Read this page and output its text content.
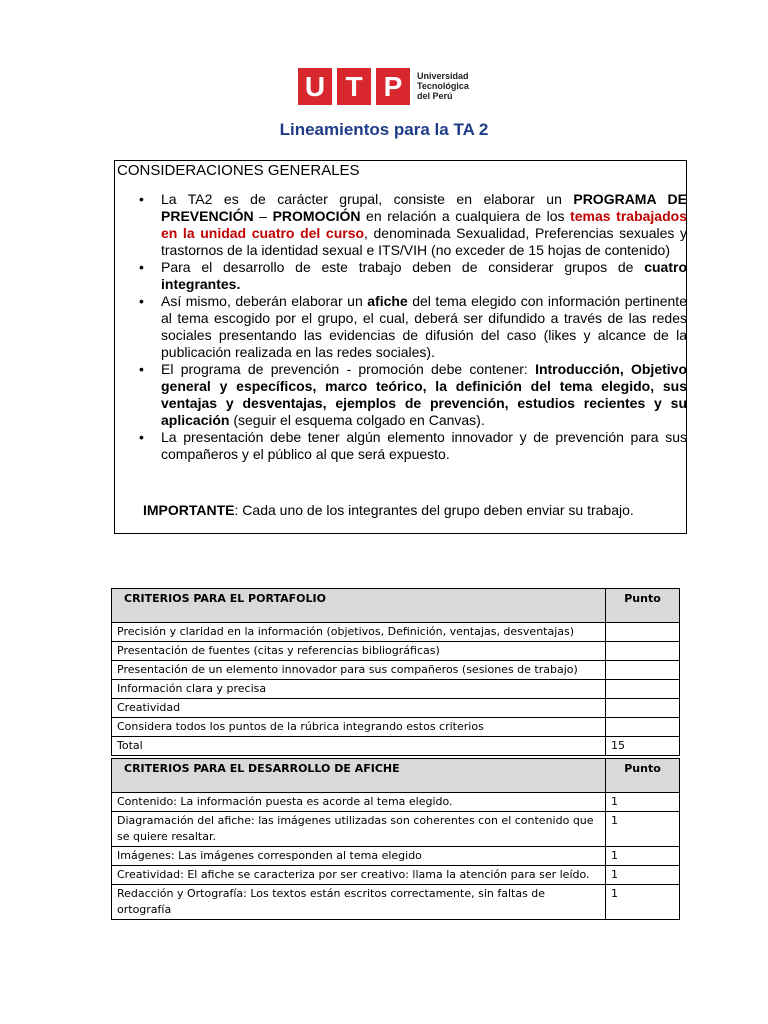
U T P	Universidad
Tecnológica
del Perú
Lineamientos para la TA 2
CONSIDERACIONES GENERALES
• La TA2 es de carácter grupal, consiste en elaborar un PROGRAMA DE PREVENCIÓN – PROMOCIÓN en relación a cualquiera de los temas trabajados en la unidad cuatro del curso, denominada Sexualidad, Preferencias sexuales y trastornos de la identidad sexual e ITS/VIH (no exceder de 15 hojas de contenido)
• Para el desarrollo de este trabajo deben de considerar grupos de cuatro integrantes.
• Así mismo, deberán elaborar un afiche del tema elegido con información pertinente al tema escogido por el grupo, el cual, deberá ser difundido a través de las redes sociales presentando las evidencias de difusión del caso (likes y alcance de la publicación realizada en las redes sociales).
• El programa de prevención - promoción debe contener: Introducción, Objetivo general y específicos, marco teórico, la definición del tema elegido, sus ventajas y desventajas, ejemplos de prevención, estudios recientes y su aplicación (seguir el esquema colgado en Canvas).
• La presentación debe tener algún elemento innovador y de prevención para sus compañeros y el público al que será expuesto.
IMPORTANTE: Cada uno de los integrantes del grupo deben enviar su trabajo.
CRITERIOS PARA EL PORTAFOLIO	Punto
Precisión y claridad en la información (objetivos, Definición, ventajas, desventajas)	
Presentación de fuentes (citas y referencias bibliográficas)	
Presentación de un elemento innovador para sus compañeros (sesiones de trabajo)	
Información clara y precisa	
Creatividad	
Considera todos los puntos de la rúbrica integrando estos criterios	
Total	15
CRITERIOS PARA EL DESARROLLO DE AFICHE	Punto
Contenido: La información puesta es acorde al tema elegido.	1
Diagramación del afiche: las imágenes utilizadas son coherentes con el contenido que se quiere resaltar.	1
Imágenes: Las imágenes corresponden al tema elegido	1
Creatividad: El afiche se caracteriza por ser creativo: llama la atención para ser leído.	1
Redacción y Ortografía: Los textos están escritos correctamente, sin faltas de ortografía	1
